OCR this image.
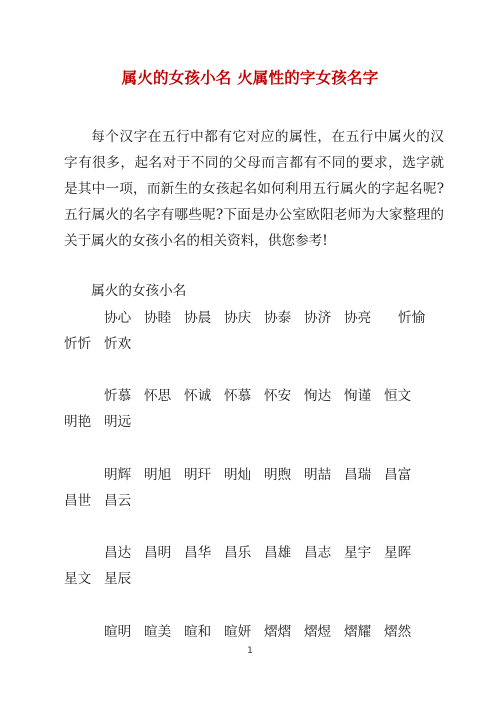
属火的女孩小名 火属性的字女孩名字
每个汉字在五行中都有它对应的属性，在五行中属火的汉字有很多，起名对于不同的父母而言都有不同的要求，选字就是其中一项，而新生的女孩起名如何利用五行属火的字起名呢?五行属火的名字有哪些呢?下面是办公室欧阳老师为大家整理的关于属火的女孩小名的相关资料，供您参考!
属火的女孩小名
协心 协睦 协晨 协庆 协泰 协济 协亮 忻愉
忻忻 忻欢
忻慕 怀思 怀诚 怀慕 怀安 恂达 恂谨 恒文
明艳 明远
明辉 明旭 明玕 明灿 明煦 明喆 昌瑞 昌富
昌世 昌云
昌达 昌明 昌华 昌乐 昌雄 昌志 星宇 星晖
星文 星辰
暄明 暄美 暄和 暄妍 熠熠 熠煜 熠耀 熠然
1
